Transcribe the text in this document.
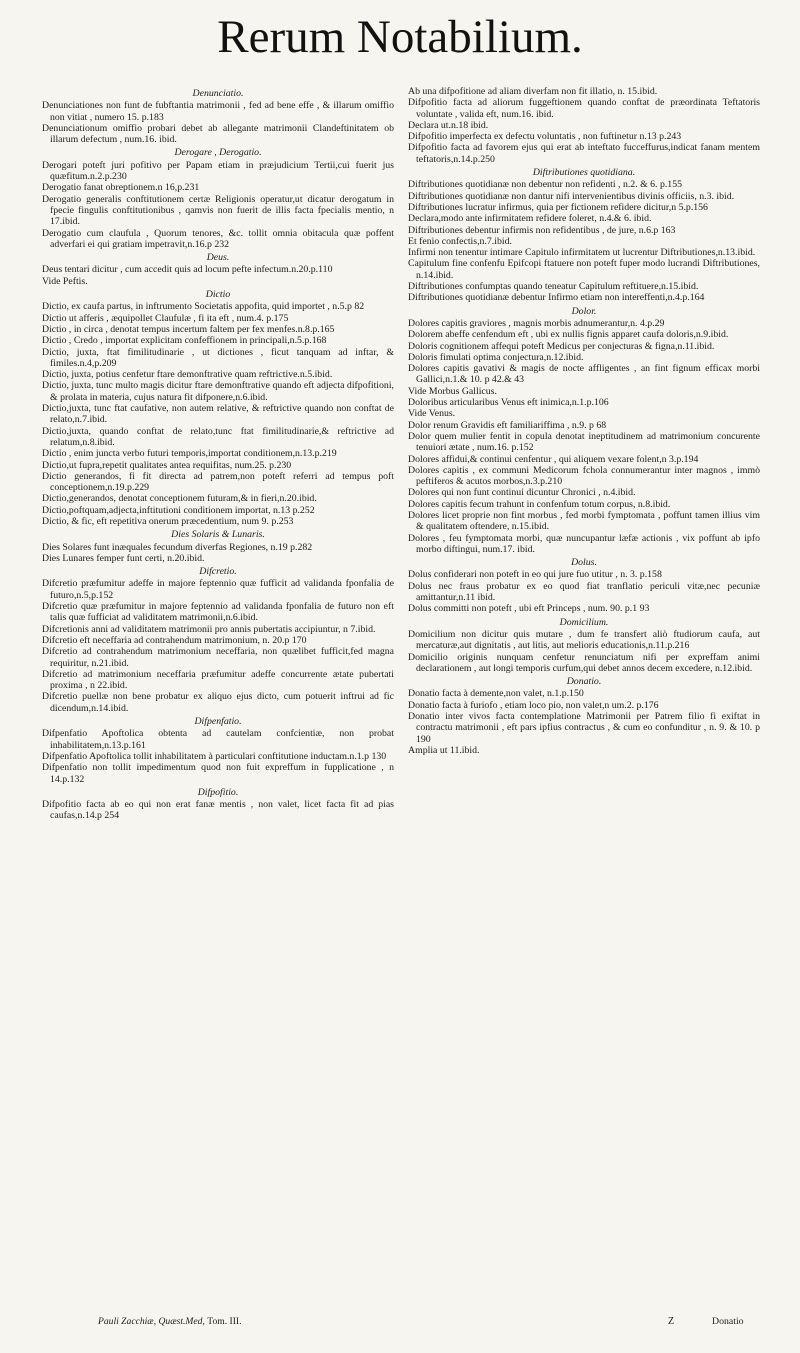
Rerum Notabilium.
Denunciatio.
Denunciationes non funt de fubftantia matrimonii , fed ad bene effe , & illarum omiffio non vitiat , numero 15. p.183
Denunciationum omiffio probari debet ab allegante matrimonii Clandeftinitatem ob illarum defectum , num.16. ibid.
Derogare , Derogatio.
Derogari poteft juri pofitivo per Papam etiam in præjudicium Tertii,cui fuerit jus quæfitum.n.2.p.230
Derogatio fanat obreptionem.n 16,p.231
Derogatio generalis conftitutionem certæ Religionis operatur,ut dicatur derogatum in fpecie fingulis conftitutionibus , qamvis non fuerit de illis facta fpecialis mentio, n 17.ibid.
Derogatio cum claufula , Quorum tenores, &c. tollit omnia obitacula quæ poffent adverfari ei qui gratiam impetravit,n.16.p 232
Deus.
Deus tentari dicitur , cum accedit quis ad locum pefte infectum.n.20.p.110
Vide Peftis.
Dictio
Dictio, ex caufa partus, in inftrumento Societatis appofita, quid importet , n.5.p 82
Dictio ut afferis , æquipollet Claufulæ , fi ita eft , num.4. p.175
Dictio , in circa , denotat tempus incertum faltem per fex menfes.n.8.p.165
Dictio , Credo , importat explicitam confeffionem in principali,n.5.p.168
Dictio, juxta, ftat fimilitudinarie , ut dictiones , ficut tanquam ad inftar, & fimiles.n.4,p.209
Dictio, juxta, potius cenfetur ftare demonftrative quam reftrictive.n.5.ibid.
Dictio, juxta, tunc multo magis dicitur ftare demonftrative quando eft adjecta difpofitioni, & prolata in materia, cujus natura fit difponere,n.6.ibid.
Dictio,juxta, tunc ftat caufative, non autem relative, & reftrictive quando non conftat de relato,n.7.ibid.
Dictio,juxta, quando conftat de relato,tunc ftat fimilitudinarie,& reftrictive ad relatum,n.8.ibid.
Dictio , enim juncta verbo futuri temporis,importat conditionem,n.13.p.219
Dictio,ut fupra,repetit qualitates antea requifitas, num.25. p.230
Dictio generandos, fi fit directa ad patrem,non poteft referri ad tempus poft conceptionem,n.19.p.229
Dictio,generandos, denotat conceptionem futuram,& in fieri,n.20.ibid.
Dictio,poftquam,adjecta,inftitutioni conditionem importat, n.13 p.252
Dictio, & fic, eft repetitiva onerum præcedentium, num 9. p.253
Dies Solaris & Lunaris.
Dies Solares funt inæquales fecundum diverfas Regiones, n.19 p.282
Dies Lunares femper funt certi, n.20.ibid.
Difcretio.
Difcretio præfumitur adeffe in majore feptennio quæ fufficit ad validanda fponfalia de futuro,n.5,p.152
Difcretio quæ præfumitur in majore feptennio ad validanda fponfalia de futuro non eft talis quæ fufficiat ad validitatem matrimonii,n.6.ibid.
Difcretionis anni ad validitatem matrimonii pro annis pubertatis accipiuntur, n 7.ibid.
Difcretio eft neceffaria ad contrahendum matrimonium, n. 20.p 170
Difcretio ad contrahendum matrimonium neceffaria, non quælibet fufficit,fed magna requiritur, n.21.ibid.
Difcretio ad matrimonium neceffaria præfumitur adeffe concurrente ætate pubertati proxima , n 22.ibid.
Difcretio puellæ non bene probatur ex aliquo ejus dicto, cum potuerit inftrui ad fic dicendum,n.14.ibid.
Difpenfatio.
Difpenfatio Apoftolica obtenta ad cautelam confcientiæ, non probat inhabilitatem,n.13.p.161
Difpenfatio Apoftolica tollit inhabilitatem à particulari conftitutione inductam.n.1.p 130
Difpenfatio non tollit impedimentum quod non fuit expreffum in fupplicatione , n 14.p.132
Difpofitio.
Difpofitio facta ab eo qui non erat fanæ mentis , non valet, licet facta fit ad pias caufas,n.14.p 254
Ab una difpofitione ad aliam diverfam non fit illatio, n. 15.ibid.
Difpofitio facta ad aliorum fuggeftionem quando conftat de præordinata Teftatoris voluntate , valida eft, num.16. ibid.
Declara ut.n.18 ibid.
Difpofitio imperfecta ex defectu voluntatis , non fuftinetur n.13 p.243
Difpofitio facta ad favorem ejus qui erat ab inteftato fucceffurus,indicat fanam mentem teftatoris,n.14.p.250
Diftributiones quotidiana.
Diftributiones quotidianæ non debentur non refidenti , n.2. & 6. p.155
Diftributiones quotidianæ non dantur nifi intervenientibus divinis officiis, n.3. ibid.
Diftributiones lucratur infirmus, quia per fictionem refidere dicitur,n 5.p.156
Declara,modo ante infirmitatem refidere foleret, n.4.& 6. ibid.
Diftributiones debentur infirmis non refidentibus , de jure, n.6.p 163
Et fenio confectis,n.7.ibid.
Infirmi non tenentur intimare Capitulo infirmitatem ut lucrentur Diftributiones,n.13.ibid.
Capitulum fine confenfu Epifcopi ftatuere non poteft fuper modo lucrandi Diftributiones, n.14.ibid.
Diftributiones confumptas quando teneatur Capitulum reftituere,n.15.ibid.
Diftributiones quotidianæ debentur Infirmo etiam non intereffenti,n.4.p.164
Dolor.
Dolores capitis graviores , magnis morbis adnumerantur,n. 4.p.29
Dolorem abeffe cenfendum eft , ubi ex nullis fignis apparet caufa doloris,n.9.ibid.
Doloris cognitionem affequi poteft Medicus per conjecturas & figna,n.11.ibid.
Doloris fimulati optima conjectura,n.12.ibid.
Dolores capitis gavativi & magis de nocte affligentes , an fint fignum efficax morbi Gallici,n.1.& 10. p 42.& 43
Vide Morbus Gallicus.
Doloribus articularibus Venus eft inimica,n.1.p.106
Vide Venus.
Dolor renum Gravidis eft familiariffima , n.9. p 68
Dolor quem mulier fentit in copula denotat ineptitudinem ad matrimonium concurente tenuiori ætate , num.16. p.152
Dolores affidui,& continui cenfentur , qui aliquem vexare folent,n 3.p.194
Dolores capitis , ex communi Medicorum fchola connumerantur inter magnos , immò peftiferos & acutos morbos,n.3.p.210
Dolores qui non funt continui dicuntur Chronici , n.4.ibid.
Dolores capitis fecum trahunt in confenfum totum corpus, n.8.ibid.
Dolores licet proprie non fint morbus , fed morbi fymptomata , poffunt tamen illius vim & qualitatem oftendere, n.15.ibid.
Dolores , feu fymptomata morbi, quæ nuncupantur læfæ actionis , vix poffunt ab ipfo morbo diftingui, num.17. ibid.
Dolus.
Dolus confiderari non poteft in eo qui jure fuo utitur , n. 3. p.158
Dolus nec fraus probatur ex eo quod fiat tranflatio periculi vitæ,nec pecuniæ amittantur,n.11 ibid.
Dolus committi non poteft , ubi eft Princeps , num. 90. p.1 93
Domicilium.
Domicilium non dicitur quis mutare , dum fe transfert aliò ftudiorum caufa, aut mercaturæ,aut dignitatis , aut litis, aut melioris educationis,n.11.p.216
Domicilio originis nunquam cenfetur renunciatum nifi per expreffam animi declarationem , aut longi temporis curfum,qui debet annos decem excedere, n.12.ibid.
Donatio.
Donatio facta à demente,non valet, n.1.p.150
Donatio facta à furiofo , etiam loco pio, non valet,n um.2. p.176
Donatio inter vivos facta contemplatione Matrimonii per Patrem filio fi exiftat in contractu matrimonii , eft pars ipfius contractus , & cum eo confunditur , n. 9. & 10. p 190
Amplia ut 11.ibid.
Pauli Zacchiæ, Quæst.Med, Tom. III.	Z	Donatio
